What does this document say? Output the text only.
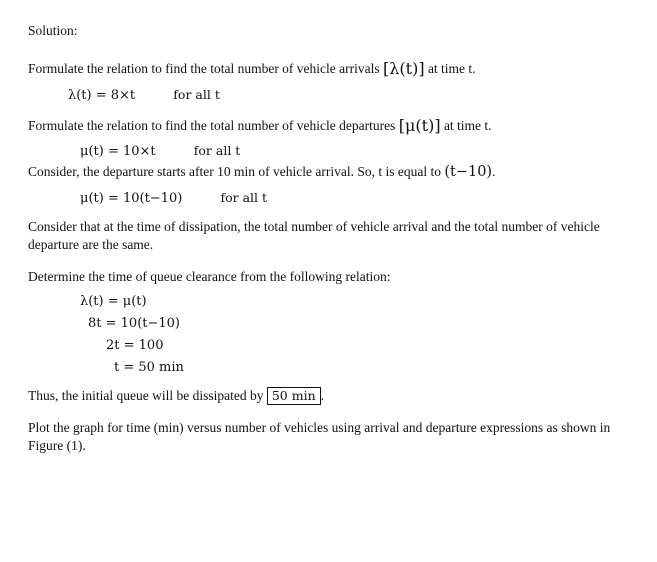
Solution:
Formulate the relation to find the total number of vehicle arrivals [λ(t)] at time t.
λ(t) = 8×t	for all t
Formulate the relation to find the total number of vehicle departures [μ(t)] at time t.
μ(t) = 10×t	for all t
Consider, the departure starts after 10 min of vehicle arrival. So, t is equal to (t−10).
μ(t) = 10(t−10)	for all t
Consider that at the time of dissipation, the total number of vehicle arrival and the total number of vehicle departure are the same.
Determine the time of queue clearance from the following relation:
λ(t) = μ(t)
8t = 10(t−10)
2t = 100
t = 50 min
Thus, the initial queue will be dissipated by 50 min .
Plot the graph for time (min) versus number of vehicles using arrival and departure expressions as shown in Figure (1).
